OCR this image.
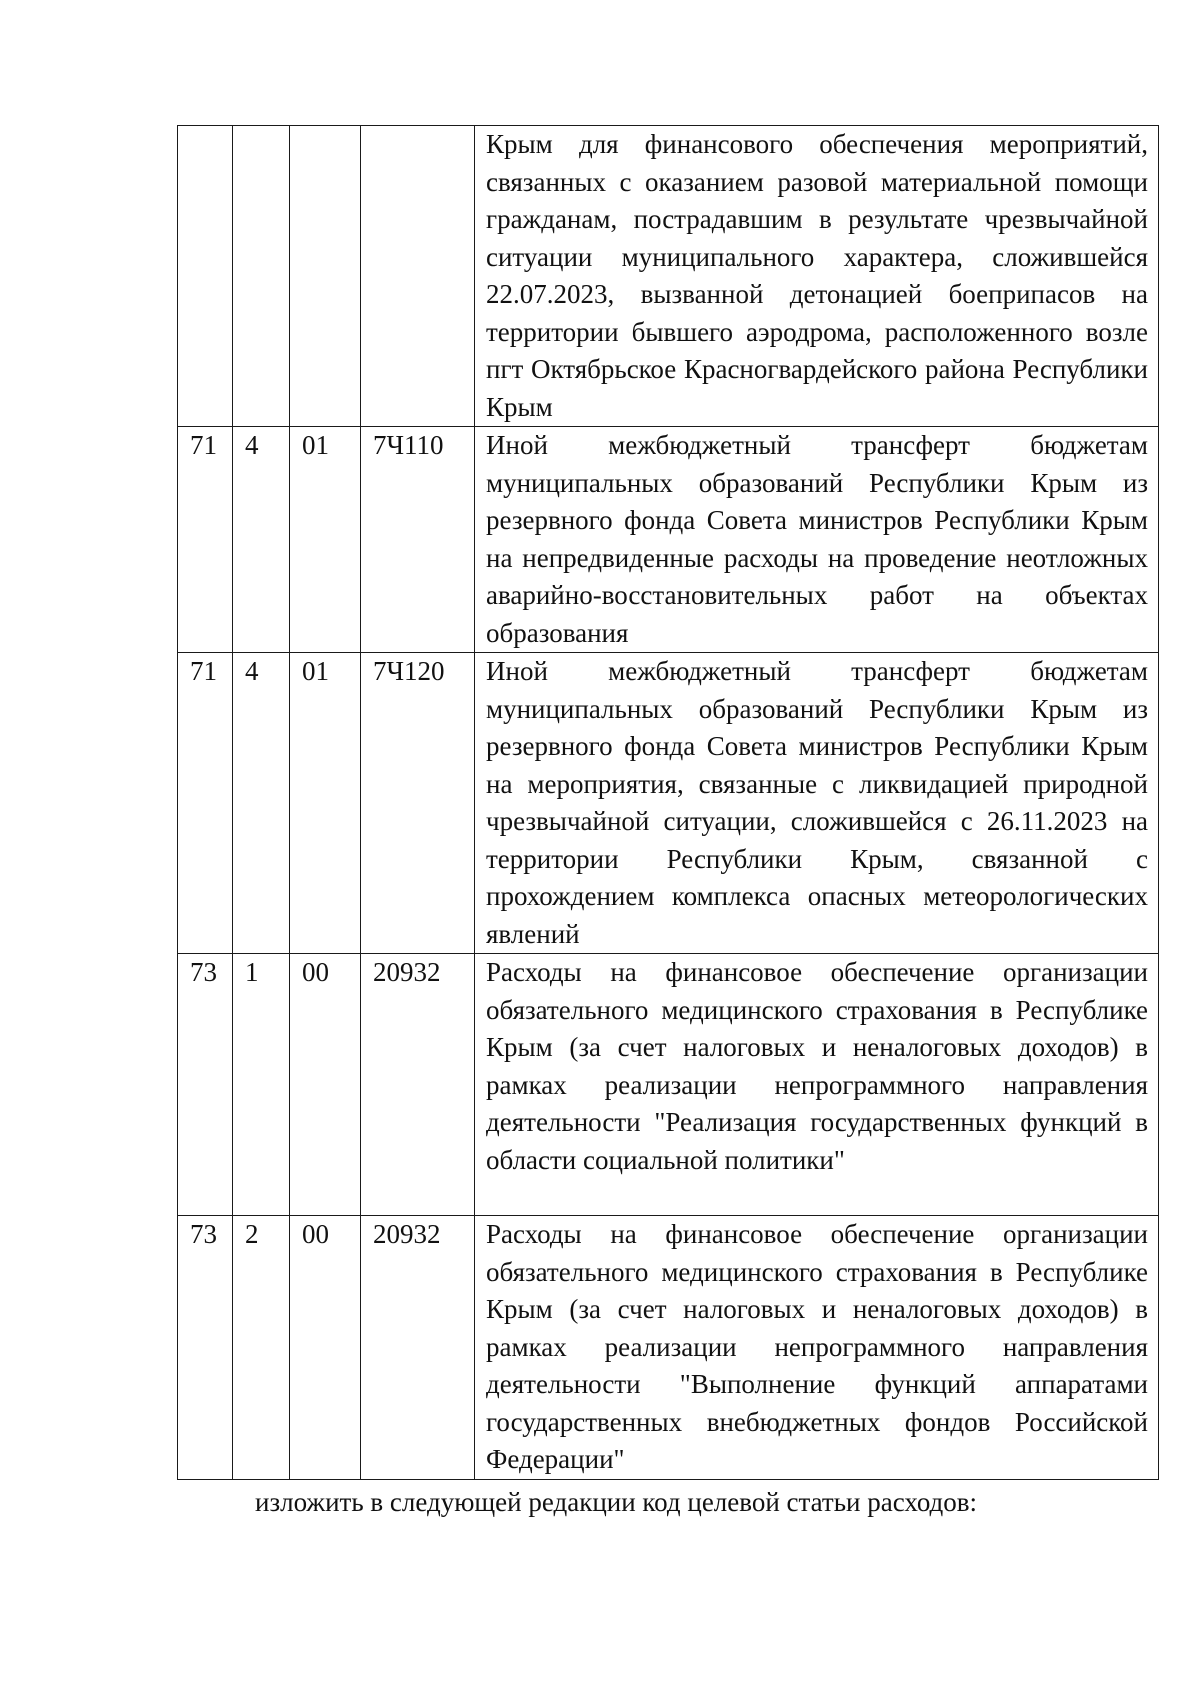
				Крым для финансового обеспечения мероприятий, связанных с оказанием разовой материальной помощи гражданам, пострадавшим в результате чрезвычайной ситуации муниципального характера, сложившейся 22.07.2023, вызванной детонацией боеприпасов на территории бывшего аэродрома, расположенного возле пгт Октябрьское Красногвардейского района Республики Крым

71	4	01	7Ч110	Иной межбюджетный трансферт бюджетам муниципальных образований Республики Крым из резервного фонда Совета министров Республики Крым на непредвиденные расходы на проведение неотложных аварийно-восстановительных работ на объектах образования

71	4	01	7Ч120	Иной межбюджетный трансферт бюджетам муниципальных образований Республики Крым из резервного фонда Совета министров Республики Крым на мероприятия, связанные с ликвидацией природной чрезвычайной ситуации, сложившейся с 26.11.2023 на территории Республики Крым, связанной с прохождением комплекса опасных метеорологических явлений

73	1	00	20932	Расходы на финансовое обеспечение организации обязательного медицинского страхования в Республике Крым (за счет налоговых и неналоговых доходов) в рамках реализации непрограммного направления деятельности "Реализация государственных функций в области социальной политики"

73	2	00	20932	Расходы на финансовое обеспечение организации обязательного медицинского страхования в Республике Крым (за счет налоговых и неналоговых доходов) в рамках реализации непрограммного направления деятельности "Выполнение функций аппаратами государственных внебюджетных фондов Российской Федерации"
изложить в следующей редакции код целевой статьи расходов:
